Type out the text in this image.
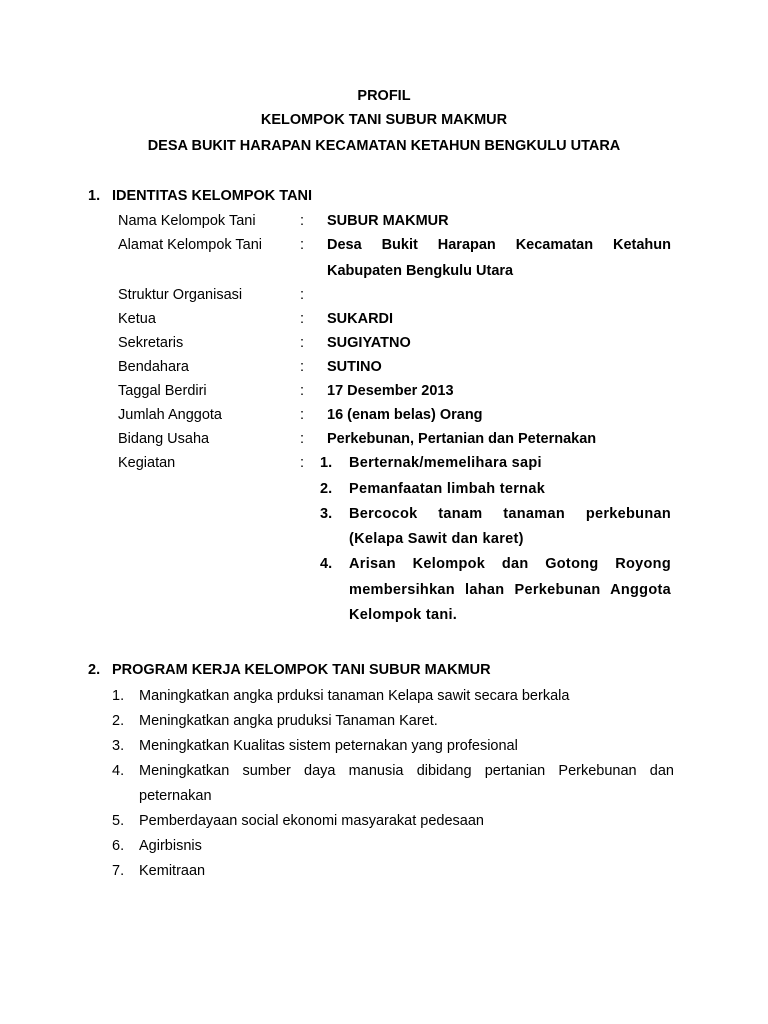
PROFIL
KELOMPOK TANI SUBUR MAKMUR
DESA BUKIT HARAPAN KECAMATAN KETAHUN BENGKULU UTARA
1. IDENTITAS KELOMPOK TANI
Nama Kelompok Tani	: SUBUR MAKMUR
Alamat Kelompok Tani	: Desa Bukit Harapan Kecamatan Ketahun
Kabupaten Bengkulu Utara
Struktur Organisasi	:
Ketua	: SUKARDI
Sekretaris	: SUGIYATNO
Bendahara	: SUTINO
Taggal Berdiri	: 17 Desember 2013
Jumlah Anggota	: 16 (enam belas) Orang
Bidang Usaha	: Perkebunan, Pertanian dan Peternakan
Kegiatan	: 1. Berternak/memelihara sapi
2. Pemanfaatan limbah ternak
3. Bercocok tanam tanaman perkebunan
(Kelapa Sawit dan karet)
4. Arisan Kelompok dan Gotong Royong
membersihkan lahan Perkebunan Anggota
Kelompok tani.
2. PROGRAM KERJA KELOMPOK TANI SUBUR MAKMUR
1. Maningkatkan angka prduksi tanaman Kelapa sawit secara berkala
2. Meningkatkan angka pruduksi Tanaman Karet.
3. Meningkatkan Kualitas sistem peternakan yang profesional
4. Meningkatkan sumber daya manusia dibidang pertanian Perkebunan dan
peternakan
5. Pemberdayaan social ekonomi masyarakat pedesaan
6. Agirbisnis
7. Kemitraan
